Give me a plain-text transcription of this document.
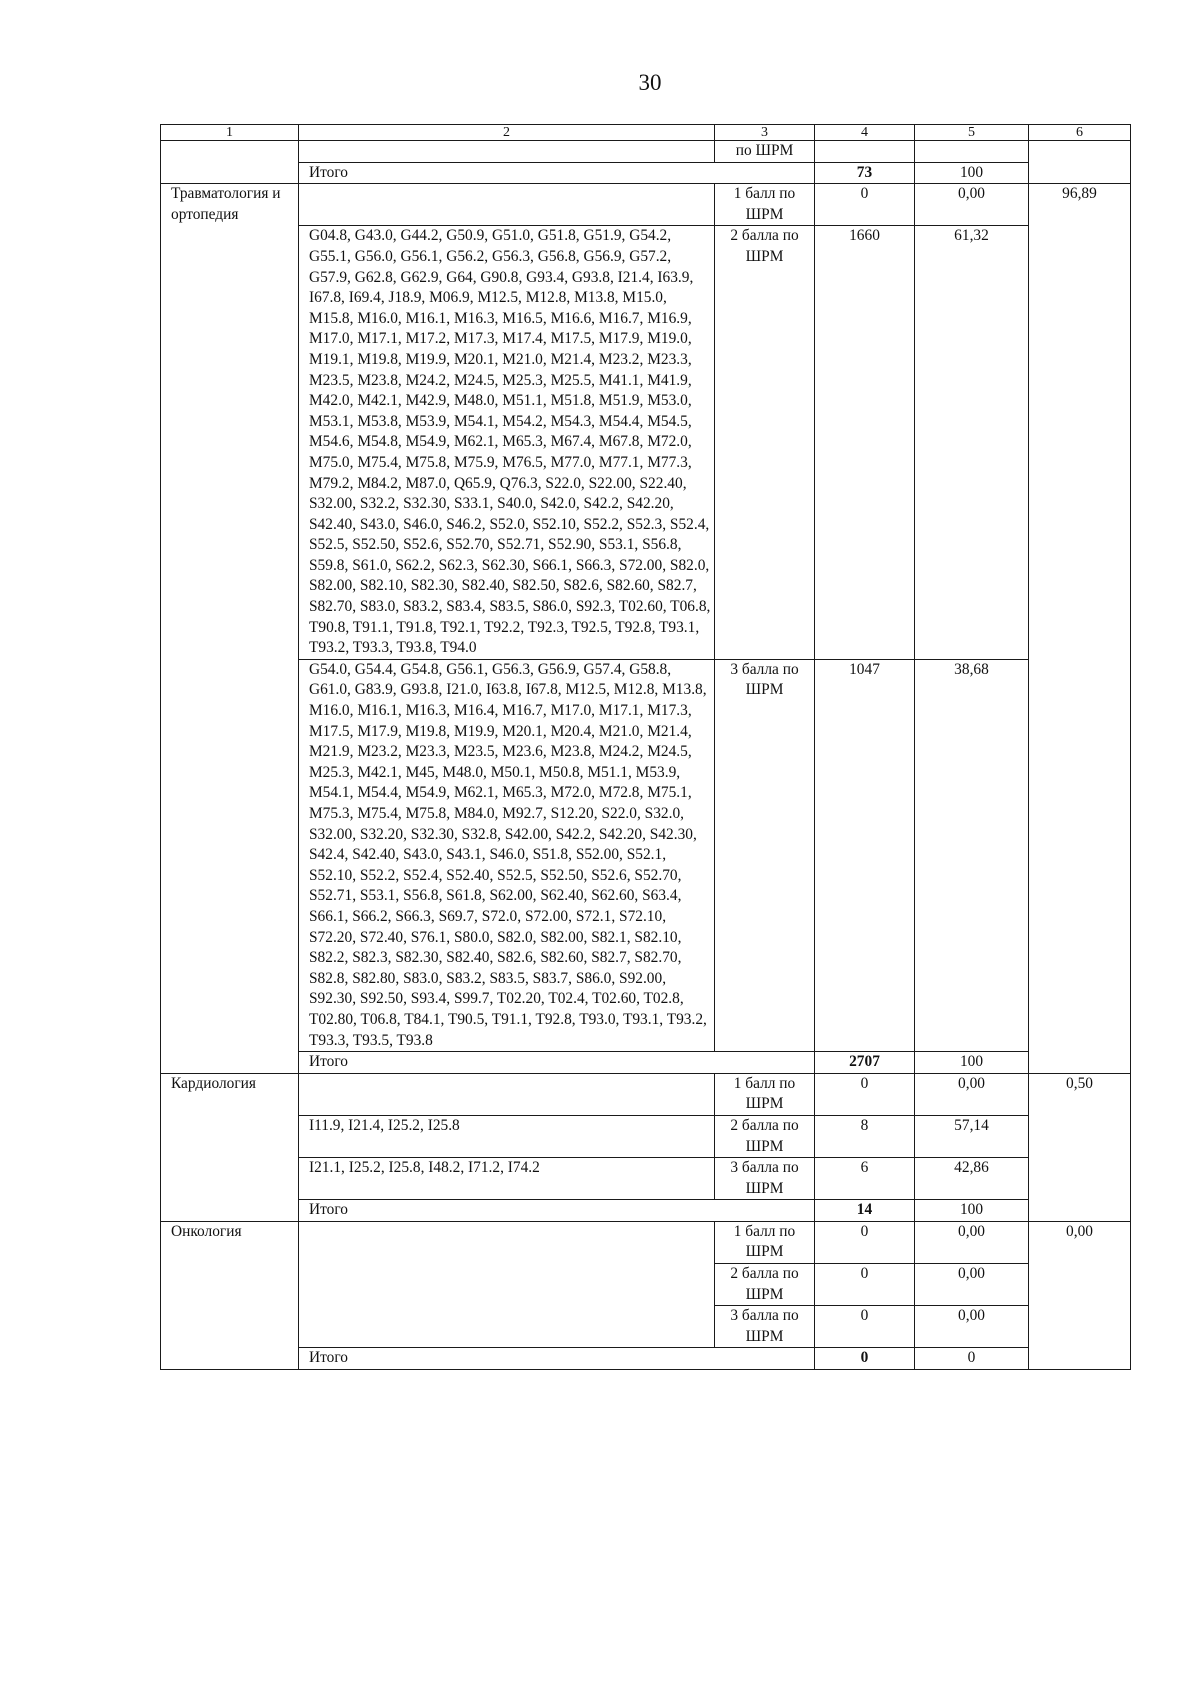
30
1	2	3	4	5	6
		по ШРМ			
	Итого		73	100	
Травматология и ортопедия		1 балл по ШРМ	0	0,00	96,89
	G04.8, G43.0, G44.2, G50.9, G51.0, G51.8, G51.9, G54.2, G55.1, G56.0, G56.1, G56.2, G56.3, G56.8, G56.9, G57.2, G57.9, G62.8, G62.9, G64, G90.8, G93.4, G93.8, I21.4, I63.9, I67.8, I69.4, J18.9, M06.9, M12.5, M12.8, M13.8, M15.0, M15.8, M16.0, M16.1, M16.3, M16.5, M16.6, M16.7, M16.9, M17.0, M17.1, M17.2, M17.3, M17.4, M17.5, M17.9, M19.0, M19.1, M19.8, M19.9, M20.1, M21.0, M21.4, M23.2, M23.3, M23.5, M23.8, M24.2, M24.5, M25.3, M25.5, M41.1, M41.9, M42.0, M42.1, M42.9, M48.0, M51.1, M51.8, M51.9, M53.0, M53.1, M53.8, M53.9, M54.1, M54.2, M54.3, M54.4, M54.5, M54.6, M54.8, M54.9, M62.1, M65.3, M67.4, M67.8, M72.0, M75.0, M75.4, M75.8, M75.9, M76.5, M77.0, M77.1, M77.3, M79.2, M84.2, M87.0, Q65.9, Q76.3, S22.0, S22.00, S22.40, S32.00, S32.2, S32.30, S33.1, S40.0, S42.0, S42.2, S42.20, S42.40, S43.0, S46.0, S46.2, S52.0, S52.10, S52.2, S52.3, S52.4, S52.5, S52.50, S52.6, S52.70, S52.71, S52.90, S53.1, S56.8, S59.8, S61.0, S62.2, S62.3, S62.30, S66.1, S66.3, S72.00, S82.0, S82.00, S82.10, S82.30, S82.40, S82.50, S82.6, S82.60, S82.7, S82.70, S83.0, S83.2, S83.4, S83.5, S86.0, S92.3, T02.60, T06.8, T90.8, T91.1, T91.8, T92.1, T92.2, T92.3, T92.5, T92.8, T93.1, T93.2, T93.3, T93.8, T94.0	2 балла по ШРМ	1660	61,32	
	G54.0, G54.4, G54.8, G56.1, G56.3, G56.9, G57.4, G58.8, G61.0, G83.9, G93.8, I21.0, I63.8, I67.8, M12.5, M12.8, M13.8, M16.0, M16.1, M16.3, M16.4, M16.7, M17.0, M17.1, M17.3, M17.5, M17.9, M19.8, M19.9, M20.1, M20.4, M21.0, M21.4, M21.9, M23.2, M23.3, M23.5, M23.6, M23.8, M24.2, M24.5, M25.3, M42.1, M45, M48.0, M50.1, M50.8, M51.1, M53.9, M54.1, M54.4, M54.9, M62.1, M65.3, M72.0, M72.8, M75.1, M75.3, M75.4, M75.8, M84.0, M92.7, S12.20, S22.0, S32.0, S32.00, S32.20, S32.30, S32.8, S42.00, S42.2, S42.20, S42.30, S42.4, S42.40, S43.0, S43.1, S46.0, S51.8, S52.00, S52.1, S52.10, S52.2, S52.4, S52.40, S52.5, S52.50, S52.6, S52.70, S52.71, S53.1, S56.8, S61.8, S62.00, S62.40, S62.60, S63.4, S66.1, S66.2, S66.3, S69.7, S72.0, S72.00, S72.1, S72.10, S72.20, S72.40, S76.1, S80.0, S82.0, S82.00, S82.1, S82.10, S82.2, S82.3, S82.30, S82.40, S82.6, S82.60, S82.7, S82.70, S82.8, S82.80, S83.0, S83.2, S83.5, S83.7, S86.0, S92.00, S92.30, S92.50, S93.4, S99.7, T02.20, T02.4, T02.60, T02.8, T02.80, T06.8, T84.1, T90.5, T91.1, T92.8, T93.0, T93.1, T93.2, T93.3, T93.5, T93.8	3 балла по ШРМ	1047	38,68	
	Итого		2707	100	
Кардиология		1 балл по ШРМ	0	0,00	0,50
	I11.9, I21.4, I25.2, I25.8	2 балла по ШРМ	8	57,14	
	I21.1, I25.2, I25.8, I48.2, I71.2, I74.2	3 балла по ШРМ	6	42,86	
	Итого		14	100	
Онкология		1 балл по ШРМ	0	0,00	0,00
		2 балла по ШРМ	0	0,00	
		3 балла по ШРМ	0	0,00	
	Итого		0	0	
